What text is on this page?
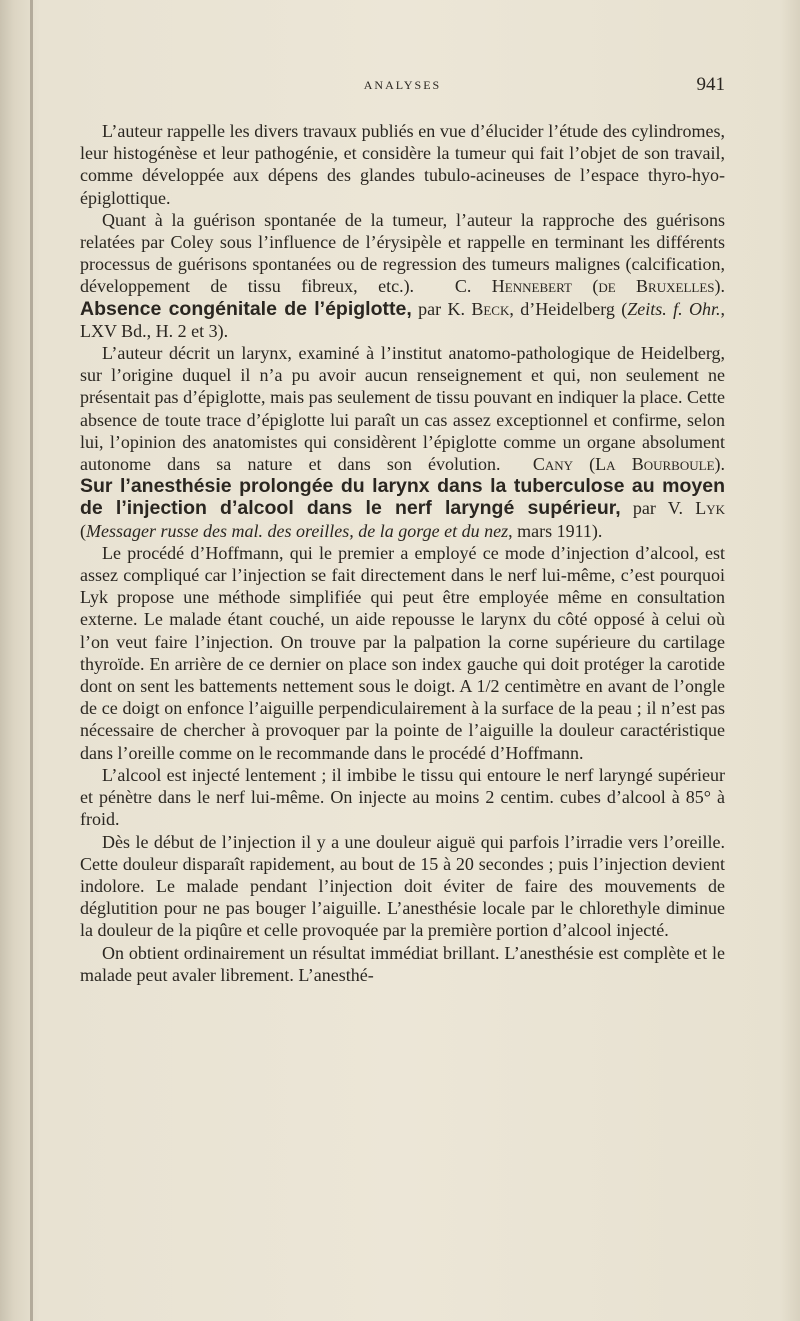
ANALYSES	941

L’auteur rappelle les divers travaux publiés en vue d’élucider l’étude des cylindromes, leur histogénèse et leur pathogénie, et considère la tumeur qui fait l’objet de son travail, comme développée aux dépens des glandes tubulo-acineuses de l’espace thyro-hyo-épiglottique.

Quant à la guérison spontanée de la tumeur, l’auteur la rapproche des guérisons relatées par Coley sous l’influence de l’érysipèle et rappelle en terminant les différents processus de guérisons spontanées ou de regression des tumeurs malignes (calcification, développement de tissu fibreux, etc.). C. Hennebert (de Bruxelles).

Absence congénitale de l’épiglotte, par K. Beck, d’Heidelberg (Zeits. f. Ohr., LXV Bd., H. 2 et 3).

L’auteur décrit un larynx, examiné à l’institut anatomo-pathologique de Heidelberg, sur l’origine duquel il n’a pu avoir aucun renseignement et qui, non seulement ne présentait pas d’épiglotte, mais pas seulement de tissu pouvant en indiquer la place. Cette absence de toute trace d’épiglotte lui paraît un cas assez exceptionnel et confirme, selon lui, l’opinion des anatomistes qui considèrent l’épiglotte comme un organe absolument autonome dans sa nature et dans son évolution. Cany (La Bourboule).

Sur l’anesthésie prolongée du larynx dans la tuberculose au moyen de l’injection d’alcool dans le nerf laryngé supérieur, par V. Lyk (Messager russe des mal. des oreilles, de la gorge et du nez, mars 1911).

Le procédé d’Hoffmann, qui le premier a employé ce mode d’injection d’alcool, est assez compliqué car l’injection se fait directement dans le nerf lui-même, c’est pourquoi Lyk propose une méthode simplifiée qui peut être employée même en consultation externe. Le malade étant couché, un aide repousse le larynx du côté opposé à celui où l’on veut faire l’injection. On trouve par la palpation la corne supérieure du cartilage thyroïde. En arrière de ce dernier on place son index gauche qui doit protéger la carotide dont on sent les battements nettement sous le doigt. A 1/2 centimètre en avant de l’ongle de ce doigt on enfonce l’aiguille perpendiculairement à la surface de la peau ; il n’est pas nécessaire de chercher à provoquer par la pointe de l’aiguille la douleur caractéristique dans l’oreille comme on le recommande dans le procédé d’Hoffmann.

L’alcool est injecté lentement ; il imbibe le tissu qui entoure le nerf laryngé supérieur et pénètre dans le nerf lui-même. On injecte au moins 2 centim. cubes d’alcool à 85° à froid.

Dès le début de l’injection il y a une douleur aiguë qui parfois l’irradie vers l’oreille. Cette douleur disparaît rapidement, au bout de 15 à 20 secondes ; puis l’injection devient indolore. Le malade pendant l’injection doit éviter de faire des mouvements de déglutition pour ne pas bouger l’aiguille. L’anesthésie locale par le chlorethyle diminue la douleur de la piqûre et celle provoquée par la première portion d’alcool injecté.

On obtient ordinairement un résultat immédiat brillant. L’anesthésie est complète et le malade peut avaler librement. L’anesthé-
